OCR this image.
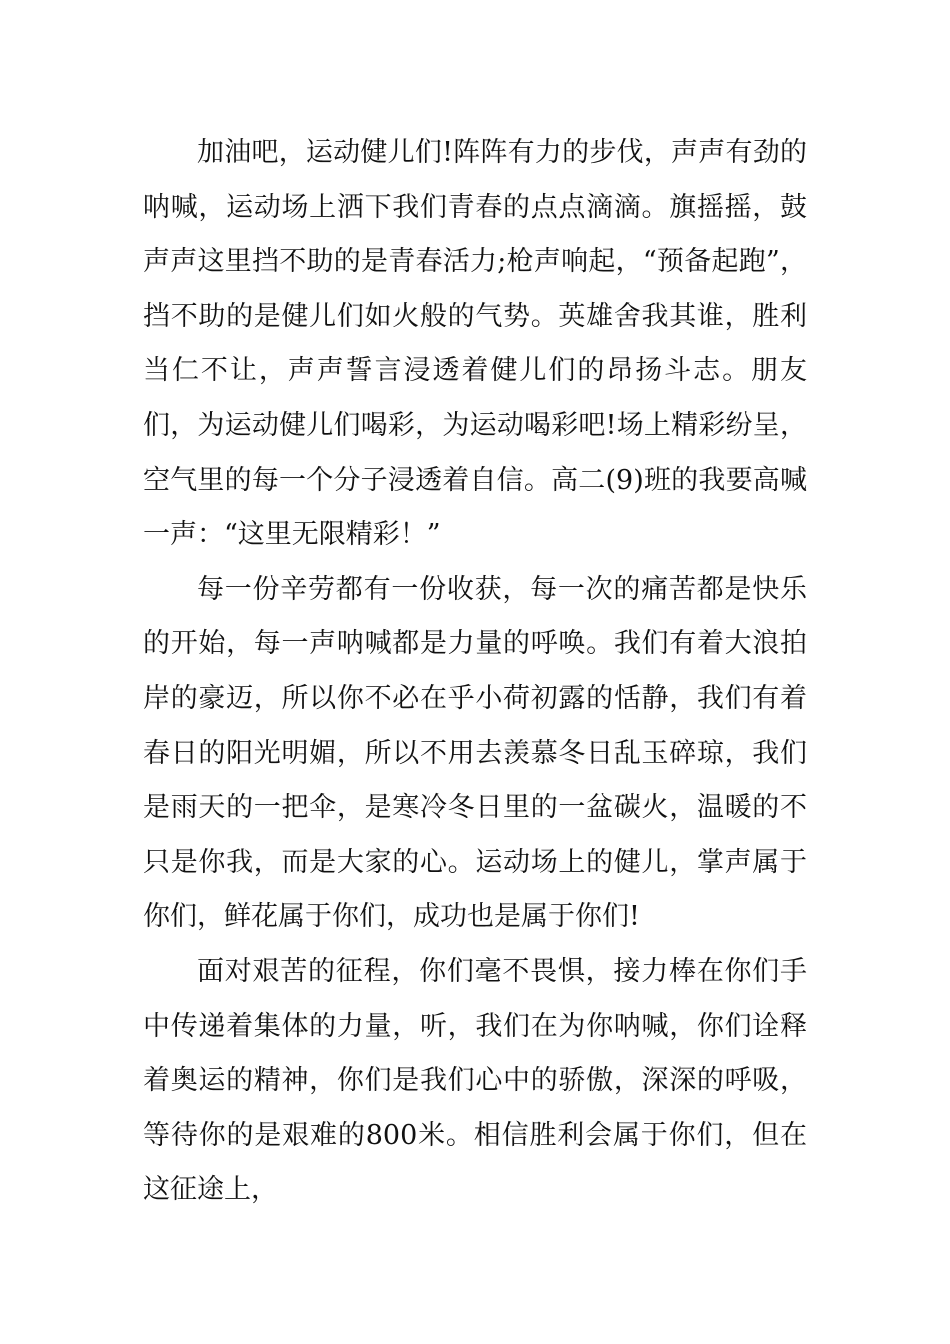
加油吧，运动健儿们!阵阵有力的步伐，声声有劲的呐喊，运动场上洒下我们青春的点点滴滴。旗摇摇，鼓声声这里挡不助的是青春活力;枪声响起，“预备起跑”，挡不助的是健儿们如火般的气势。英雄舍我其谁，胜利当仁不让，声声誓言浸透着健儿们的昂扬斗志。朋友们，为运动健儿们喝彩，为运动喝彩吧!场上精彩纷呈，空气里的每一个分子浸透着自信。高二(9)班的我要高喊一声：“这里无限精彩！”

每一份辛劳都有一份收获，每一次的痛苦都是快乐的开始，每一声呐喊都是力量的呼唤。我们有着大浪拍岸的豪迈，所以你不必在乎小荷初露的恬静，我们有着春日的阳光明媚，所以不用去羡慕冬日乱玉碎琼，我们是雨天的一把伞，是寒冷冬日里的一盆碳火，温暖的不只是你我，而是大家的心。运动场上的健儿，掌声属于你们，鲜花属于你们，成功也是属于你们!

面对艰苦的征程，你们毫不畏惧，接力棒在你们手中传递着集体的力量，听，我们在为你呐喊，你们诠释着奥运的精神，你们是我们心中的骄傲，深深的呼吸，等待你的是艰难的800米。相信胜利会属于你们，但在这征途上，
